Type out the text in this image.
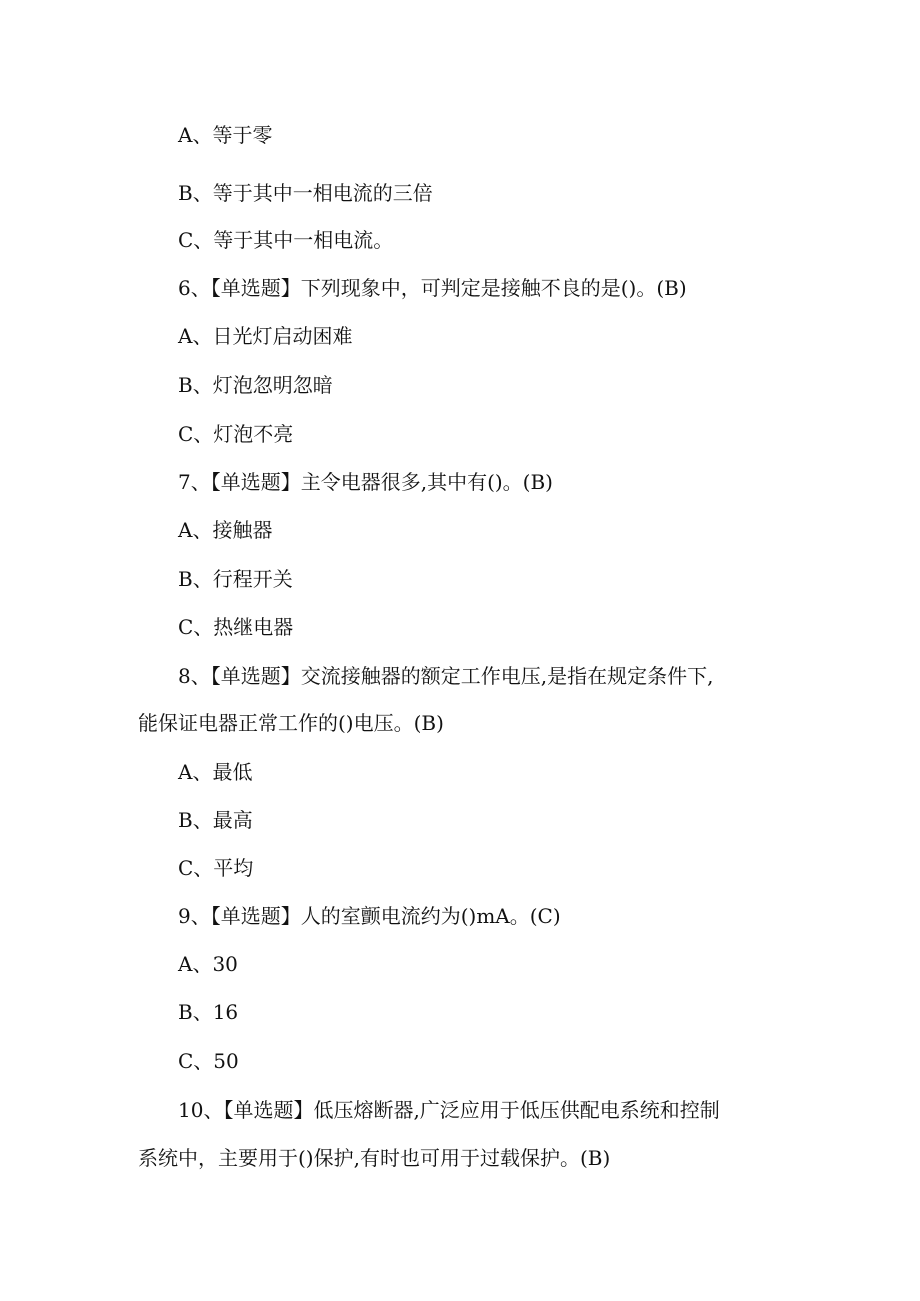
A、等于零
B、等于其中一相电流的三倍
C、等于其中一相电流。
6、【单选题】下列现象中，可判定是接触不良的是()。(B)
A、日光灯启动困难
B、灯泡忽明忽暗
C、灯泡不亮
7、【单选题】主令电器很多,其中有()。(B)
A、接触器
B、行程开关
C、热继电器
8、【单选题】交流接触器的额定工作电压,是指在规定条件下,
能保证电器正常工作的()电压。(B)
A、最低
B、最高
C、平均
9、【单选题】人的室颤电流约为()mA。(C)
A、30
B、16
C、50
10、【单选题】低压熔断器,广泛应用于低压供配电系统和控制
系统中，主要用于()保护,有时也可用于过载保护。(B)
